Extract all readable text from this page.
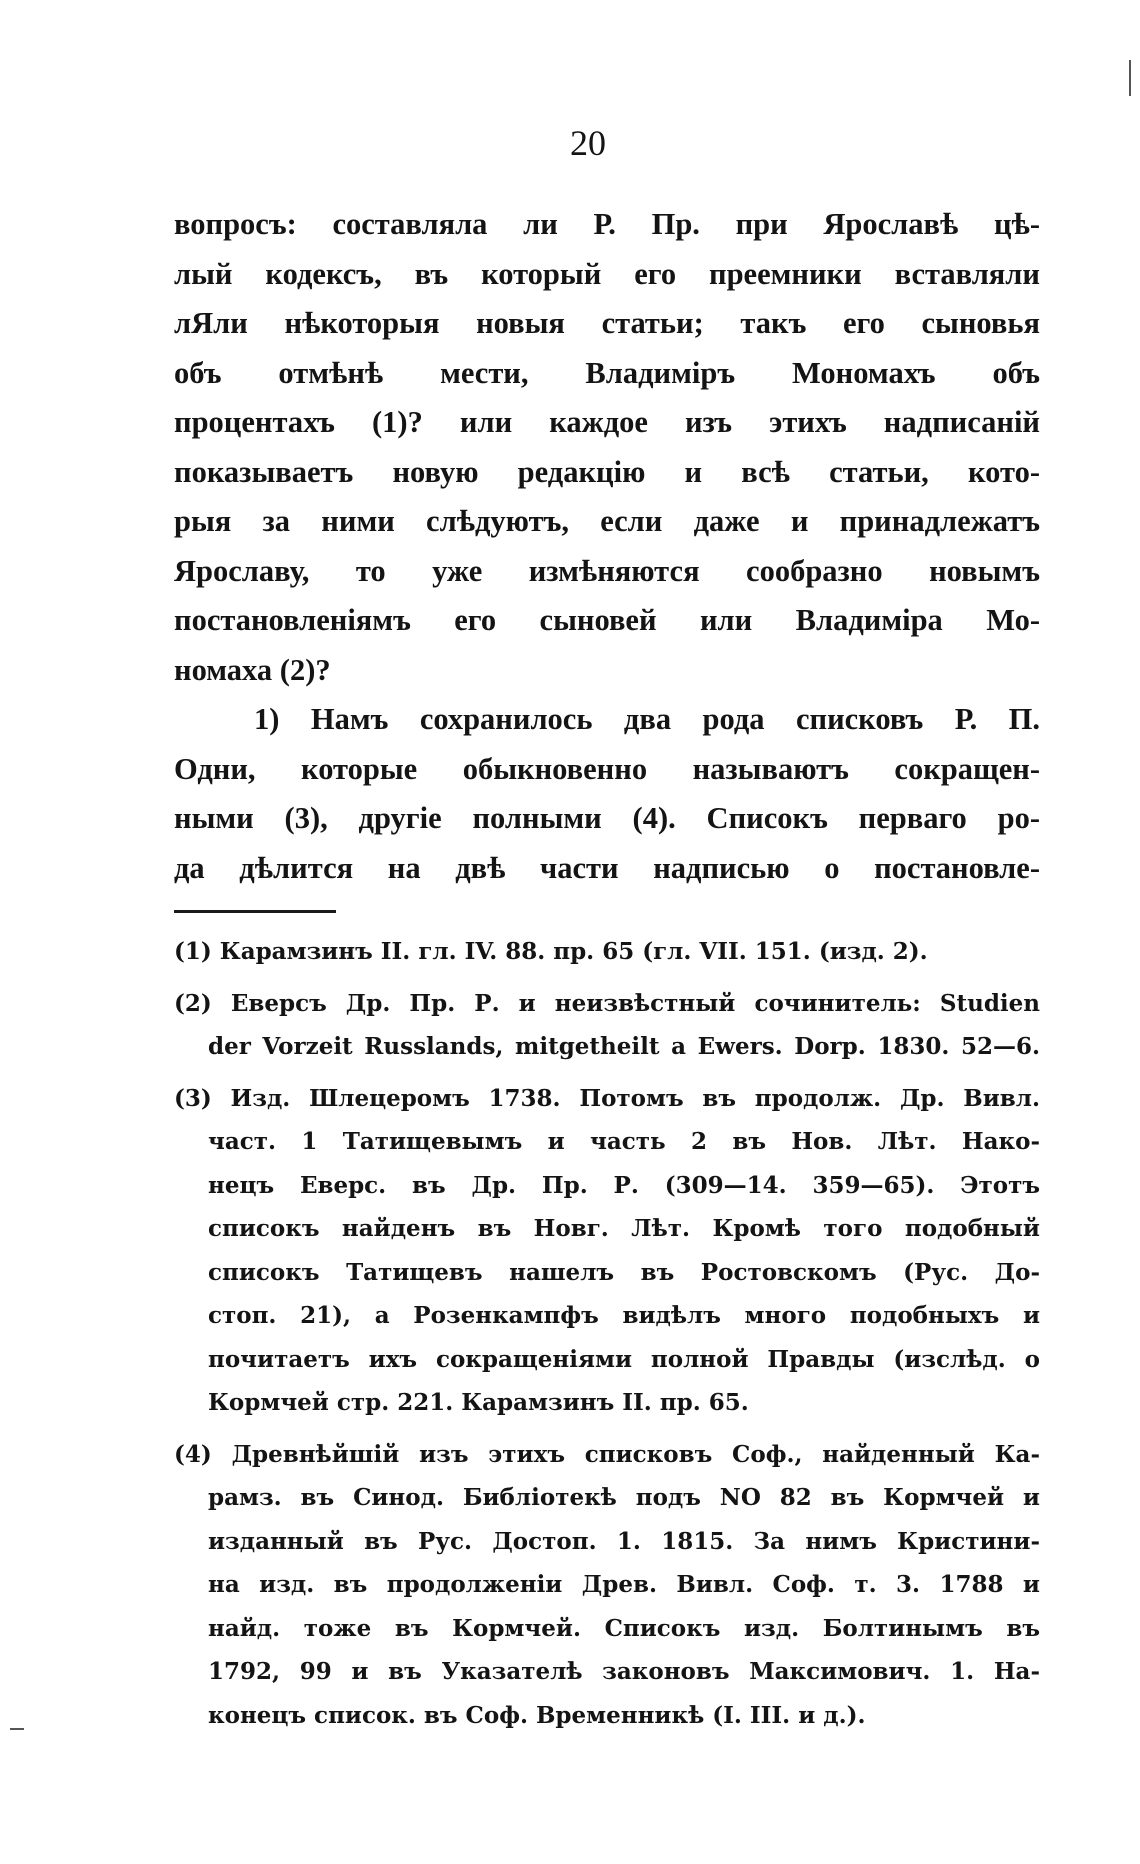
20
вопросъ: составляла ли Р. Пр. при Ярославѣ цѣ-
лый кодексъ, въ который его преемники вставляли
лЯли нѣкоторыя новыя статьи; такъ его сыновья
объ отмѣнѣ мести, Владиміръ Мономахъ объ
процентахъ (1)? или каждое изъ этихъ надписаній
показываетъ новую редакцію и всѣ статьи, кото-
рыя за ними слѣдуютъ, если даже и принадлежатъ
Ярославу, то уже измѣняются сообразно новымъ
постановленіямъ его сыновей или Владиміра Мо-
номаха (2)?
1) Намъ сохранилось два рода списковъ Р. П.
Одни, которые обыкновенно называютъ сокращен-
ными (3), другіе полными (4). Списокъ перваго ро-
да дѣлится на двѣ части надписью о постановле-
(1) Карамзинъ II. гл. IV. 88. пр. 65 (гл. VII. 151. (изд. 2).
(2) Еверсъ Др. Пр. Р. и неизвѣстный сочинитель: Studien
der Vorzeit Russlands, mitgetheilt a Ewers. Dorp. 1830. 52—6.
(3) Изд. Шлецеромъ 1738. Потомъ въ продолж. Др. Вивл.
част. 1 Татищевымъ и часть 2 въ Нов. Лѣт. Нако-
нецъ Еверс. въ Др. Пр. Р. (309—14. 359—65). Этотъ
списокъ найденъ въ Новг. Лѣт. Кромѣ того подобный
списокъ Татищевъ нашелъ въ Ростовскомъ (Рус. До-
стоп. 21), а Розенкампфъ видѣлъ много подобныхъ и
почитаетъ ихъ сокращеніями полной Правды (изслѣд. о
Кормчей стр. 221. Карамзинъ II. пр. 65.
(4) Древнѣйшій изъ этихъ списковъ Соф., найденный Ка-
рамз. въ Синод. Библіотекѣ подъ NO 82 въ Кормчей и
изданный въ Рус. Достоп. 1. 1815. За нимъ Кристини-
на изд. въ продолженіи Древ. Вивл. Соф. т. 3. 1788 и
найд. тоже въ Кормчей. Списокъ изд. Болтинымъ въ
1792, 99 и въ Указателѣ законовъ Максимович. 1. На-
конецъ список. въ Соф. Временникѣ (I. III. и д.).
